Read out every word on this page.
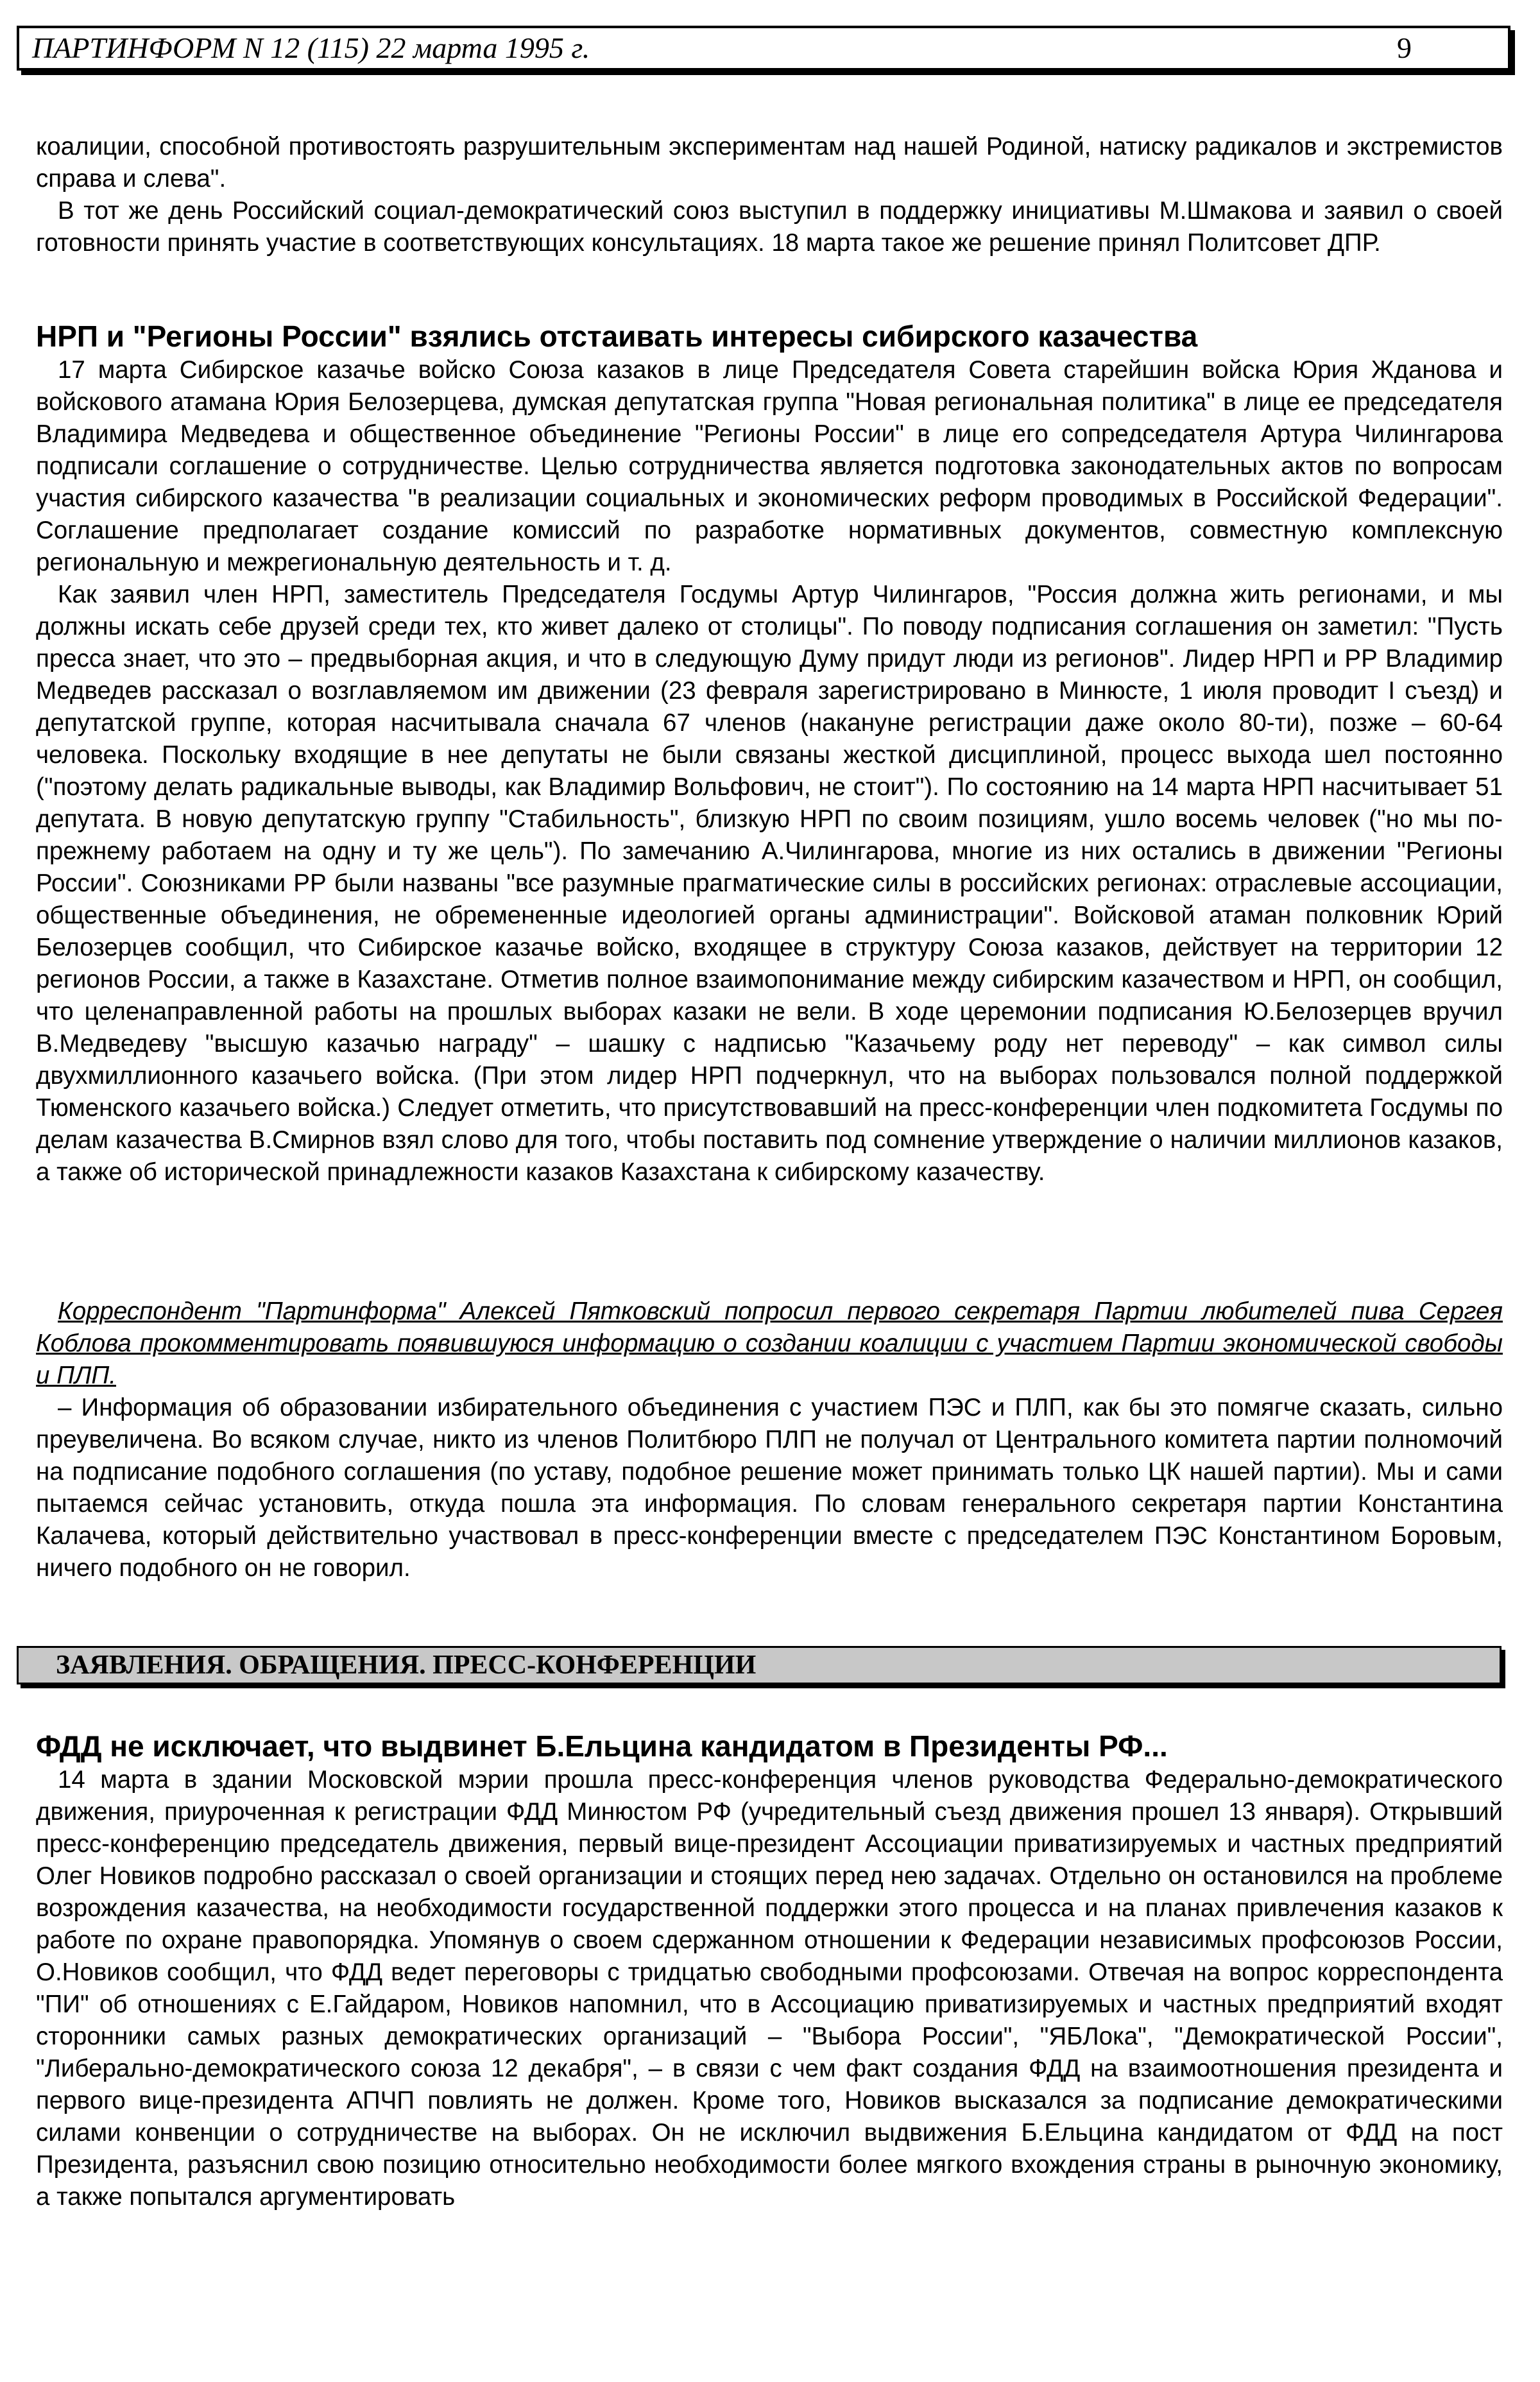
ПАРТИНФОРМ N 12 (115) 22 марта 1995 г.	9

коалиции, способной противостоять разрушительным экспериментам над нашей Родиной, натиску радикалов и экстремистов справа и слева".

В тот же день Российский социал-демократический союз выступил в поддержку инициативы М.Шмакова и заявил о своей готовности принять участие в соответствующих консультациях. 18 марта такое же решение принял Политсовет ДПР.

НРП и "Регионы России" взялись отстаивать интересы сибирского казачества

17 марта Сибирское казачье войско Союза казаков в лице Председателя Совета старейшин войска Юрия Жданова и войскового атамана Юрия Белозерцева, думская депутатская группа "Новая региональная политика" в лице ее председателя Владимира Медведева и общественное объединение "Регионы России" в лице его сопредседателя Артура Чилингарова подписали соглашение о сотрудничестве. Целью сотрудничества является подготовка законодательных актов по вопросам участия сибирского казачества "в реализации социальных и экономических реформ проводимых в Российской Федерации". Соглашение предполагает создание комиссий по разработке нормативных документов, совместную комплексную региональную и межрегиональную деятельность и т. д.

Как заявил член НРП, заместитель Председателя Госдумы Артур Чилингаров, "Россия должна жить регионами, и мы должны искать себе друзей среди тех, кто живет далеко от столицы". По поводу подписания соглашения он заметил: "Пусть пресса знает, что это – предвыборная акция, и что в следующую Думу придут люди из регионов". Лидер НРП и РР Владимир Медведев рассказал о возглавляемом им движении (23 февраля зарегистрировано в Минюсте, 1 июля проводит I съезд) и депутатской группе, которая насчитывала сначала 67 членов (накануне регистрации даже около 80-ти), позже – 60-64 человека. Поскольку входящие в нее депутаты не были связаны жесткой дисциплиной, процесс выхода шел постоянно ("поэтому делать радикальные выводы, как Владимир Вольфович, не стоит"). По состоянию на 14 марта НРП насчитывает 51 депутата. В новую депутатскую группу "Стабильность", близкую НРП по своим позициям, ушло восемь человек ("но мы по-прежнему работаем на одну и ту же цель"). По замечанию А.Чилингарова, многие из них остались в движении "Регионы России". Союзниками РР были названы "все разумные прагматические силы в российских регионах: отраслевые ассоциации, общественные объединения, не обремененные идеологией органы администрации". Войсковой атаман полковник Юрий Белозерцев сообщил, что Сибирское казачье войско, входящее в структуру Союза казаков, действует на территории 12 регионов России, а также в Казахстане. Отметив полное взаимопонимание между сибирским казачеством и НРП, он сообщил, что целенаправленной работы на прошлых выборах казаки не вели. В ходе церемонии подписания Ю.Белозерцев вручил В.Медведеву "высшую казачью награду" – шашку с надписью "Казачьему роду нет переводу" – как символ силы двухмиллионного казачьего войска. (При этом лидер НРП подчеркнул, что на выборах пользовался полной поддержкой Тюменского казачьего войска.) Следует отметить, что присутствовавший на пресс-конференции член подкомитета Госдумы по делам казачества В.Смирнов взял слово для того, чтобы поставить под сомнение утверждение о наличии миллионов казаков, а также об исторической принадлежности казаков Казахстана к сибирскому казачеству.

Корреспондент "Партинформа" Алексей Пятковский попросил первого секретаря Партии любителей пива Сергея Коблова прокомментировать появившуюся информацию о создании коалиции с участием Партии экономической свободы и ПЛП.

– Информация об образовании избирательного объединения с участием ПЭС и ПЛП, как бы это помягче сказать, сильно преувеличена. Во всяком случае, никто из членов Политбюро ПЛП не получал от Центрального комитета партии полномочий на подписание подобного соглашения (по уставу, подобное решение может принимать только ЦК нашей партии). Мы и сами пытаемся сейчас установить, откуда пошла эта информация. По словам генерального секретаря партии Константина Калачева, который действительно участвовал в пресс-конференции вместе с председателем ПЭС Константином Боровым, ничего подобного он не говорил.

ЗАЯВЛЕНИЯ. ОБРАЩЕНИЯ. ПРЕСС-КОНФЕРЕНЦИИ
ФДД не исключает, что выдвинет Б.Ельцина кандидатом в Президенты РФ...

14 марта в здании Московской мэрии прошла пресс-конференция членов руководства Федерально-демократического движения, приуроченная к регистрации ФДД Минюстом РФ (учредительный съезд движения прошел 13 января). Открывший пресс-конференцию председатель движения, первый вице-президент Ассоциации приватизируемых и частных предприятий Олег Новиков подробно рассказал о своей организации и стоящих перед нею задачах. Отдельно он остановился на проблеме возрождения казачества, на необходимости государственной поддержки этого процесса и на планах привлечения казаков к работе по охране правопорядка. Упомянув о своем сдержанном отношении к Федерации независимых профсоюзов России, О.Новиков сообщил, что ФДД ведет переговоры с тридцатью свободными профсоюзами. Отвечая на вопрос корреспондента "ПИ" об отношениях с Е.Гайдаром, Новиков напомнил, что в Ассоциацию приватизируемых и частных предприятий входят сторонники самых разных демократических организаций – "Выбора России", "ЯБЛока", "Демократической России", "Либерально-демократического союза 12 декабря", – в связи с чем факт создания ФДД на взаимоотношения президента и первого вице-президента АПЧП повлиять не должен. Кроме того, Новиков высказался за подписание демократическими силами конвенции о сотрудничестве на выборах. Он не исключил выдвижения Б.Ельцина кандидатом от ФДД на пост Президента, разъяснил свою позицию относительно необходимости более мягкого вхождения страны в рыночную экономику, а также попытался аргументировать
